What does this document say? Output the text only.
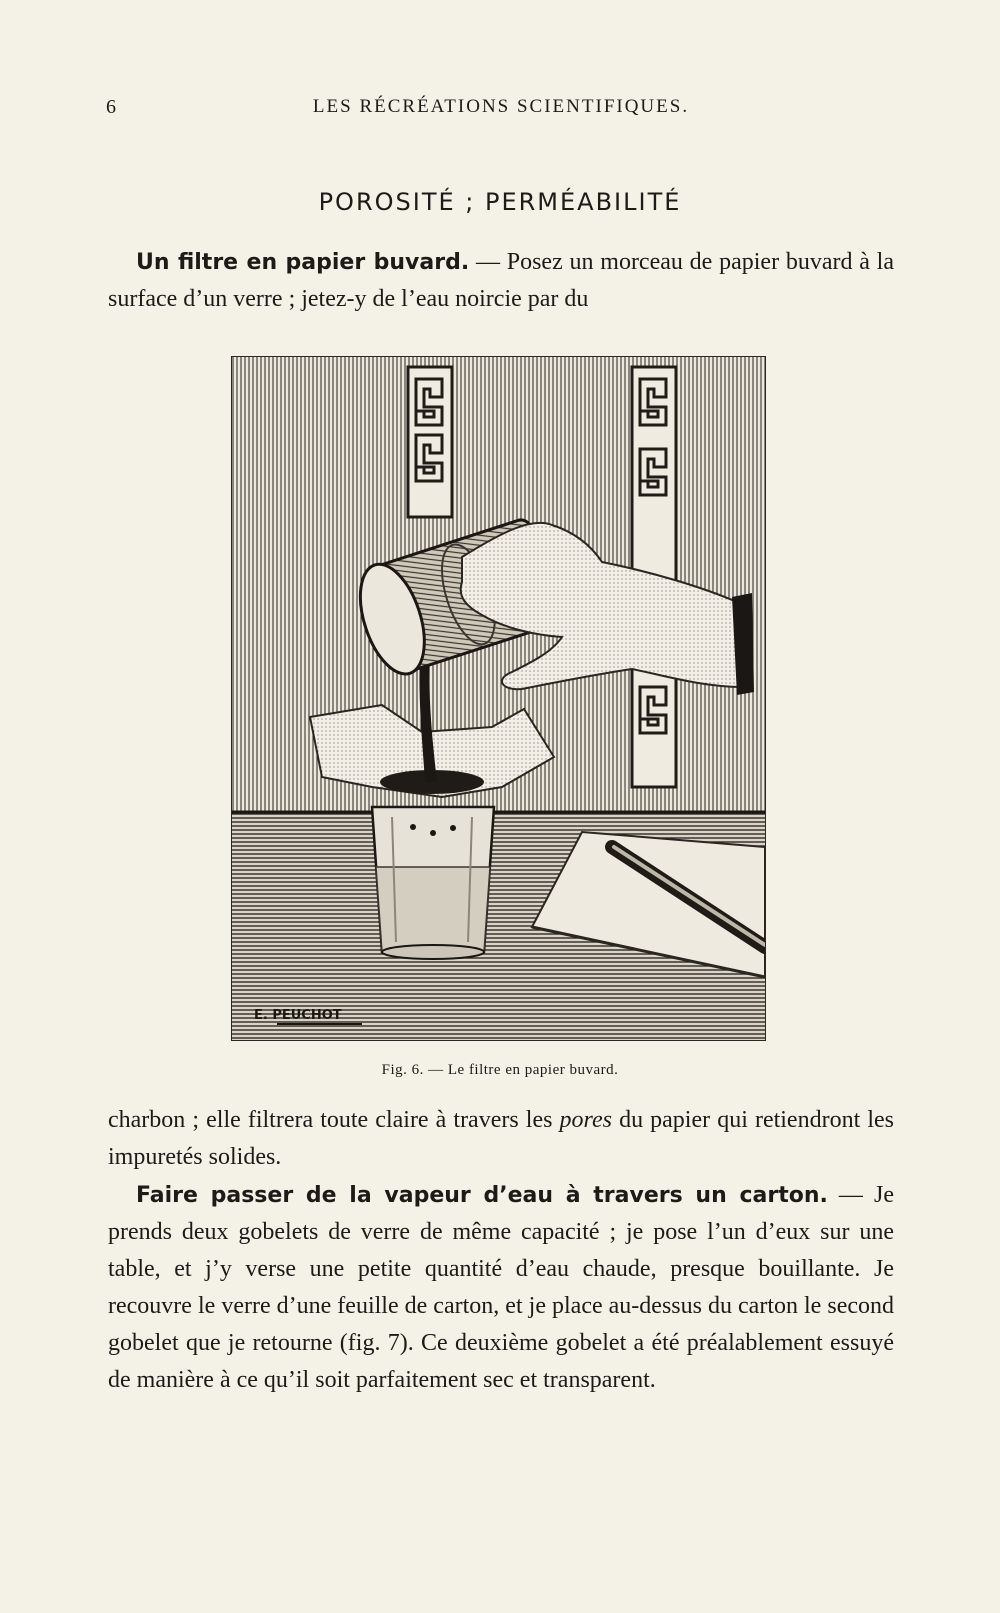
6	LES RÉCRÉATIONS SCIENTIFIQUES.
POROSITÉ ; PERMÉABILITÉ

Un filtre en papier buvard. — Posez un morceau de papier buvard à la surface d’un verre ; jetez-y de l’eau noircie par du

E. PEUCHOT
Fig. 6. — Le filtre en papier buvard.

charbon ; elle filtrera toute claire à travers les pores du papier qui retiendront les impuretés solides.

Faire passer de la vapeur d’eau à travers un carton. — Je prends deux gobelets de verre de même capacité ; je pose l’un d’eux sur une table, et j’y verse une petite quantité d’eau chaude, presque bouillante. Je recouvre le verre d’une feuille de carton, et je place au-dessus du carton le second gobelet que je retourne (fig. 7). Ce deuxième gobelet a été préalablement essuyé de manière à ce qu’il soit parfaitement sec et transparent.
